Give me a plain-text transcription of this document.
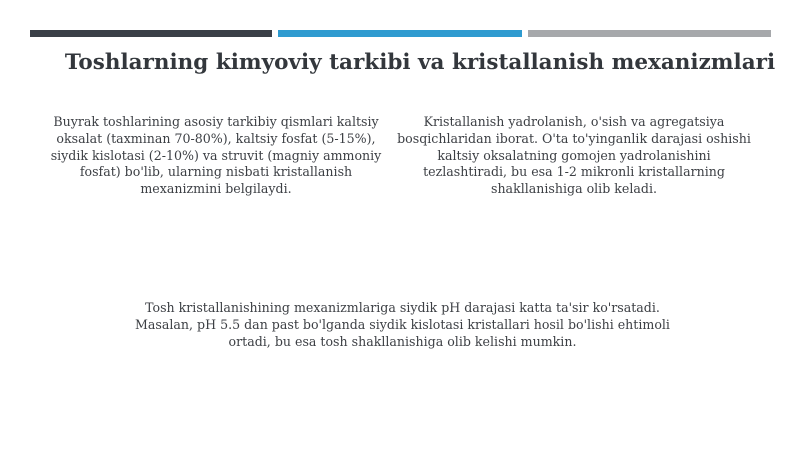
Toshlarning kimyoviy tarkibi va kristallanish mexanizmlari

Buyrak toshlarining asosiy tarkibiy qismlari kaltsiy oksalat (taxminan 70-80%), kaltsiy fosfat (5-15%), siydik kislotasi (2-10%) va struvit (magniy ammoniy fosfat) bo'lib, ularning nisbati kristallanish mexanizmini belgilaydi.

Kristallanish yadrolanish, o'sish va agregatsiya bosqichlaridan iborat. O'ta to'yinganlik darajasi oshishi kaltsiy oksalatning gomojen yadrolanishini tezlashtiradi, bu esa 1-2 mikronli kristallarning shakllanishiga olib keladi.

Tosh kristallanishining mexanizmlariga siydik pH darajasi katta ta'sir ko'rsatadi. Masalan, pH 5.5 dan past bo'lganda siydik kislotasi kristallari hosil bo'lishi ehtimoli ortadi, bu esa tosh shakllanishiga olib kelishi mumkin.
